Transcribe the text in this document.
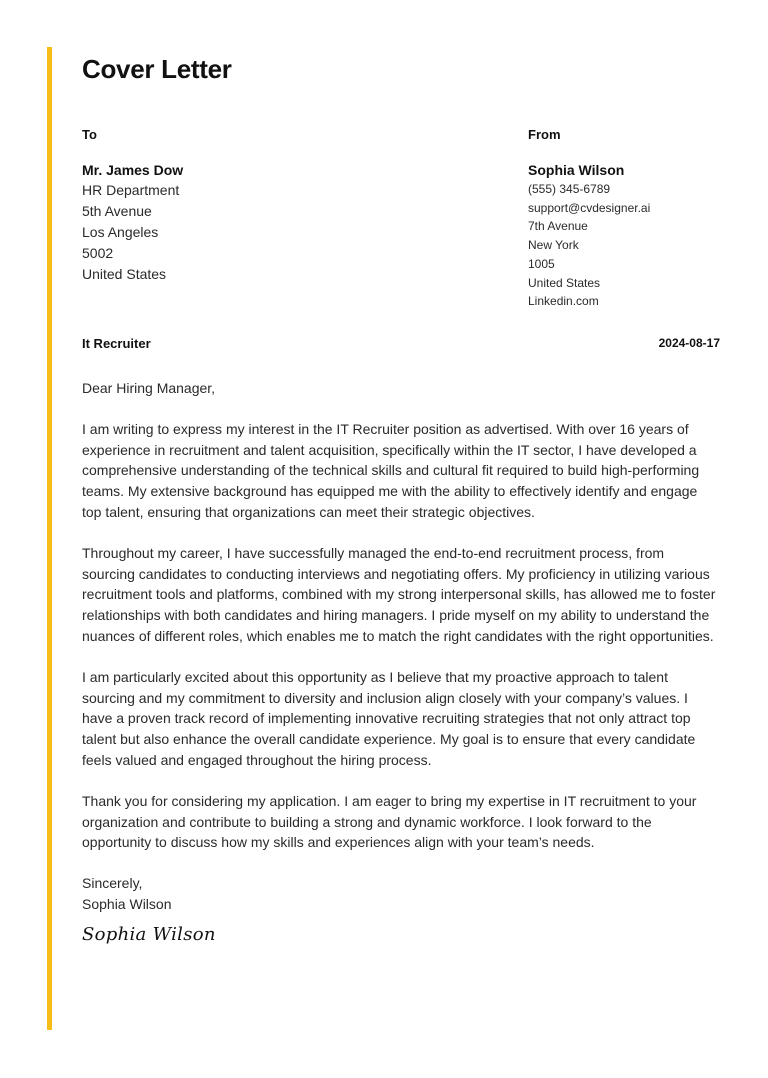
Cover Letter
To
Mr. James Dow
HR Department
5th Avenue
Los Angeles
5002
United States
From
Sophia Wilson
(555) 345-6789
support@cvdesigner.ai
7th Avenue
New York
1005
United States
Linkedin.com
It Recruiter	2024-08-17

Dear Hiring Manager,

I am writing to express my interest in the IT Recruiter position as advertised. With over 16 years of experience in recruitment and talent acquisition, specifically within the IT sector, I have developed a comprehensive understanding of the technical skills and cultural fit required to build high-performing teams. My extensive background has equipped me with the ability to effectively identify and engage top talent, ensuring that organizations can meet their strategic objectives.

Throughout my career, I have successfully managed the end-to-end recruitment process, from sourcing candidates to conducting interviews and negotiating offers. My proficiency in utilizing various recruitment tools and platforms, combined with my strong interpersonal skills, has allowed me to foster relationships with both candidates and hiring managers. I pride myself on my ability to understand the nuances of different roles, which enables me to match the right candidates with the right opportunities.

I am particularly excited about this opportunity as I believe that my proactive approach to talent sourcing and my commitment to diversity and inclusion align closely with your company’s values. I have a proven track record of implementing innovative recruiting strategies that not only attract top talent but also enhance the overall candidate experience. My goal is to ensure that every candidate feels valued and engaged throughout the hiring process.

Thank you for considering my application. I am eager to bring my expertise in IT recruitment to your organization and contribute to building a strong and dynamic workforce. I look forward to the opportunity to discuss how my skills and experiences align with your team’s needs.

Sincerely,

Sophia Wilson

Sophia Wilson
